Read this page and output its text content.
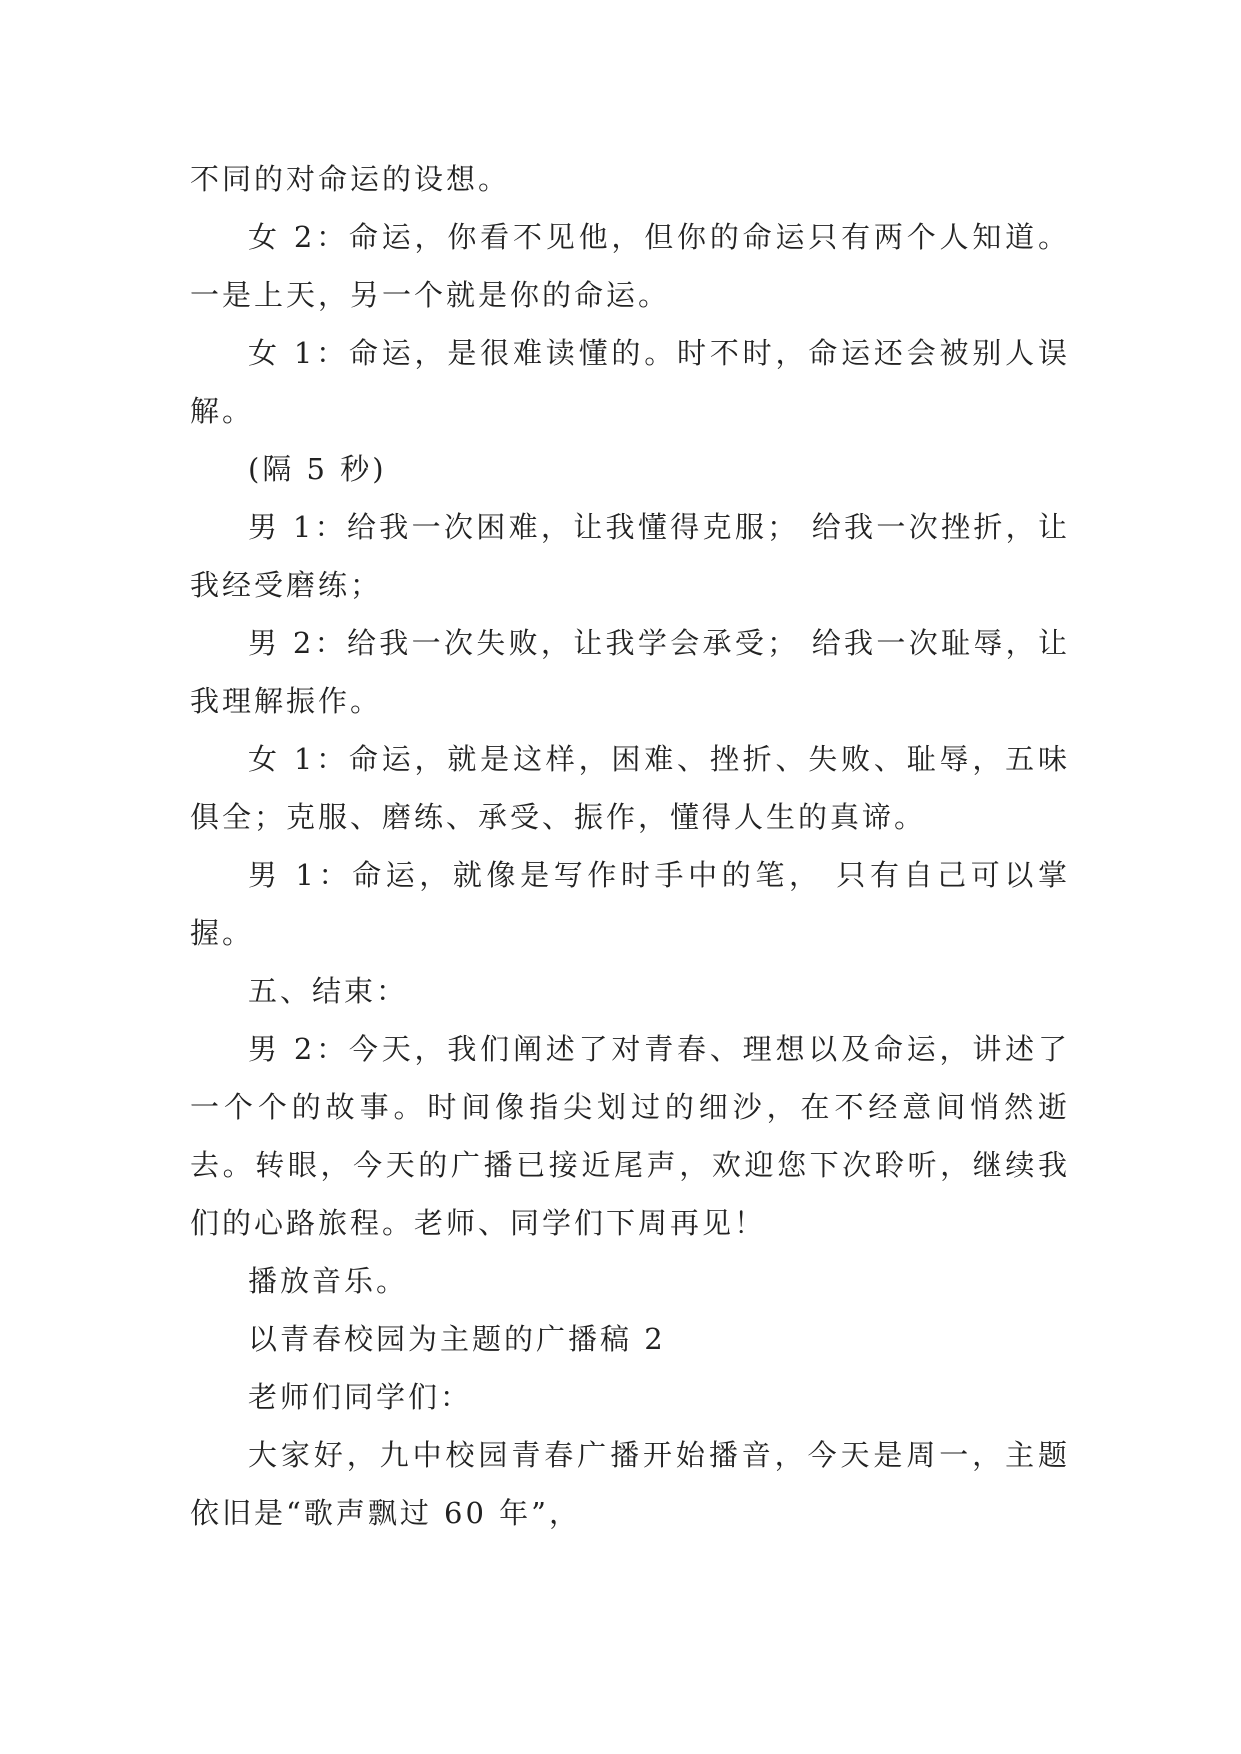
不同的对命运的设想。

女 2：命运，你看不见他，但你的命运只有两个人知道。一是上天，另一个就是你的命运。

女 1：命运，是很难读懂的。时不时，命运还会被别人误解。

(隔 5 秒)

男 1：给我一次困难，让我懂得克服； 给我一次挫折，让我经受磨练；

男 2：给我一次失败，让我学会承受； 给我一次耻辱，让我理解振作。

女 1：命运，就是这样，困难、挫折、失败、耻辱，五味俱全；克服、磨练、承受、振作，懂得人生的真谛。

男 1：命运，就像是写作时手中的笔， 只有自己可以掌握。

五、结束：

男 2：今天，我们阐述了对青春、理想以及命运，讲述了一个个的故事。时间像指尖划过的细沙，在不经意间悄然逝去。转眼，今天的广播已接近尾声，欢迎您下次聆听，继续我们的心路旅程。老师、同学们下周再见！

播放音乐。

以青春校园为主题的广播稿 2

老师们同学们：

大家好，九中校园青春广播开始播音，今天是周一，主题依旧是“歌声飘过 60 年”，
